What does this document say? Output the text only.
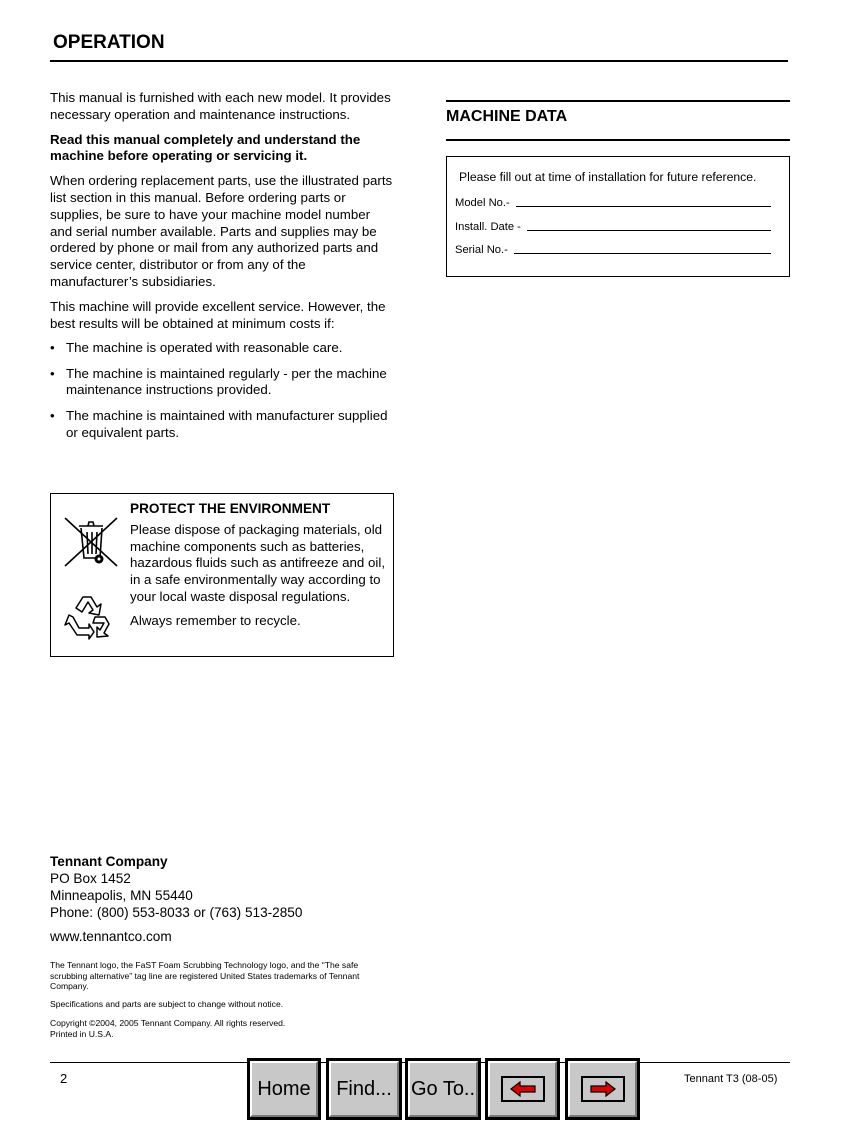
OPERATION

This manual is furnished with each new model. It provides necessary operation and maintenance instructions.

Read this manual completely and understand the machine before operating or servicing it.

When ordering replacement parts, use the illustrated parts list section in this manual. Before ordering parts or supplies, be sure to have your machine model number and serial number available. Parts and supplies may be ordered by phone or mail from any authorized parts and service center, distributor or from any of the manufacturer’s subsidiaries.

This machine will provide excellent service. However, the best results will be obtained at minimum costs if:

• The machine is operated with reasonable care.
• The machine is maintained regularly - per the machine maintenance instructions provided.
• The machine is maintained with manufacturer supplied or equivalent parts.

PROTECT THE ENVIRONMENT

Please dispose of packaging materials, old machine components such as batteries, hazardous fluids such as antifreeze and oil, in a safe environmentally way according to your local waste disposal regulations.

Always remember to recycle.

MACHINE DATA
Please fill out at time of installation for future reference.
Model No.-
Install. Date -
Serial No.-
Tennant Company
PO Box 1452
Minneapolis, MN 55440
Phone: (800) 553-8033 or (763) 513-2850
www.tennantco.com
The Tennant logo, the FaST Foam Scrubbing Technology logo, and the “The safe scrubbing alternative” tag line are registered United States trademarks of Tennant Company.
Specifications and parts are subject to change without notice.
Copyright ©2004, 2005 Tennant Company. All rights reserved.
Printed in U.S.A.
2	Tennant T3 (08-05)
Home	Find... Go To..
